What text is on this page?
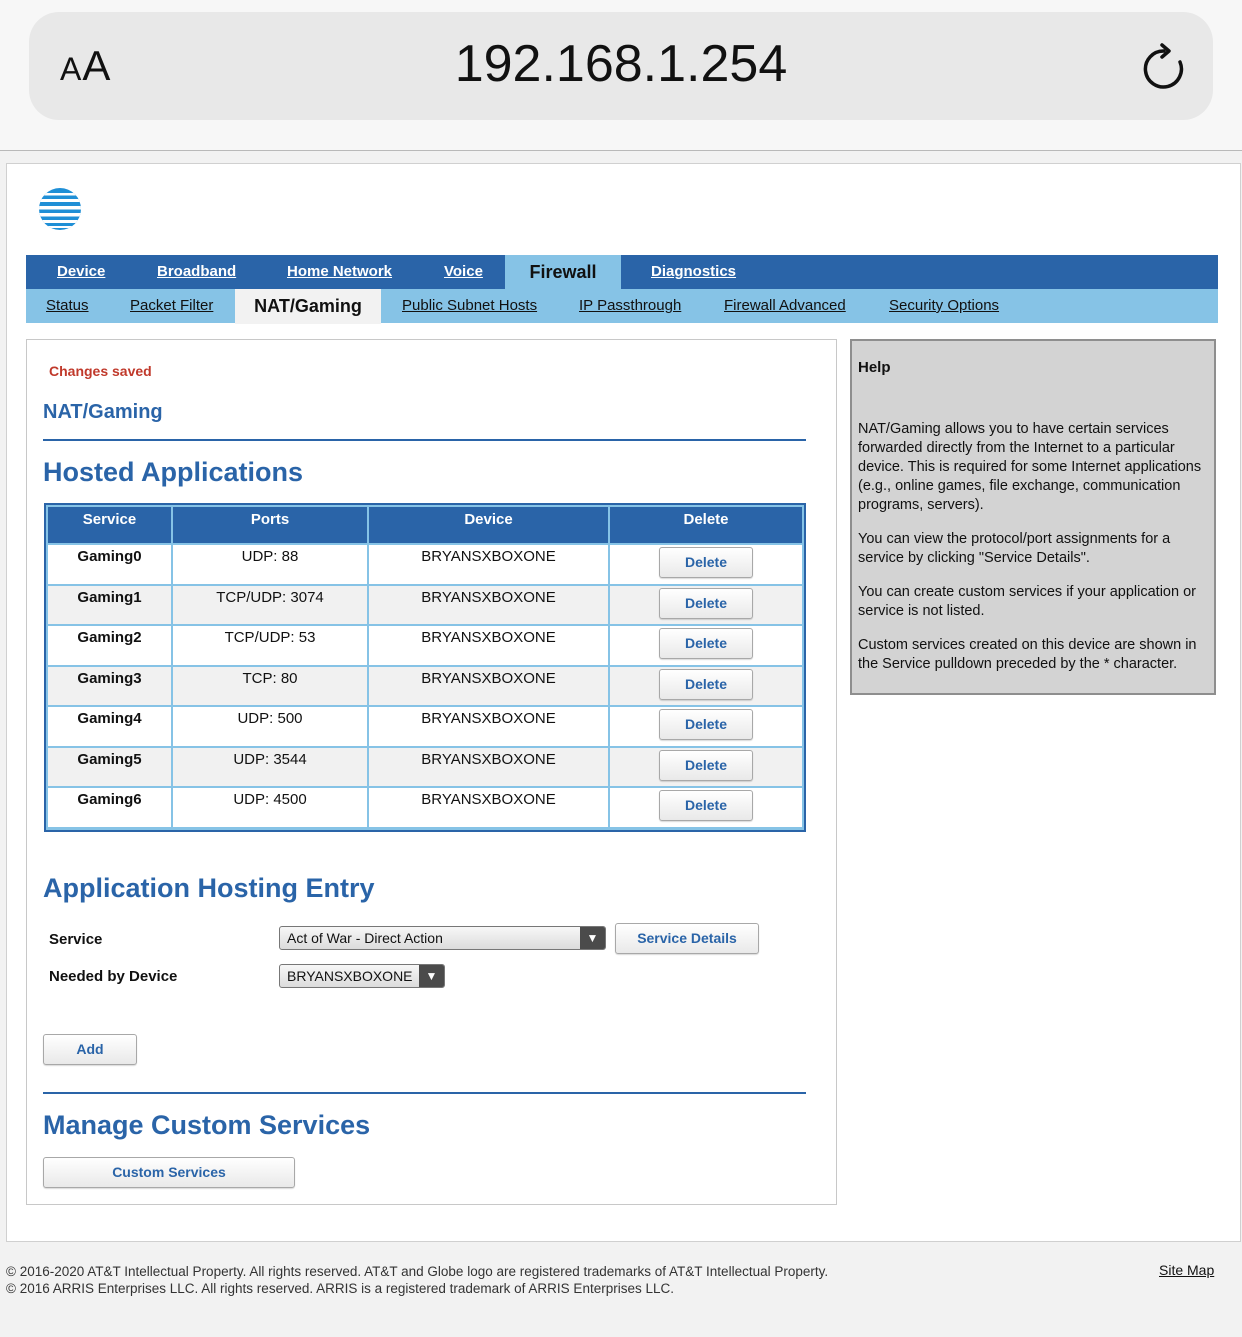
AA	192.168.1.254
Device	Broadband	Home Network	Voice	Firewall	Diagnostics
Status	Packet Filter	NAT/Gaming	Public Subnet Hosts	IP Passthrough	Firewall Advanced	Security Options
Changes saved
NAT/Gaming
Hosted Applications
Service	Ports	Device	Delete
Gaming0	UDP: 88	BRYANSXBOXONE	Delete
Gaming1	TCP/UDP: 3074	BRYANSXBOXONE	Delete
Gaming2	TCP/UDP: 53	BRYANSXBOXONE	Delete
Gaming3	TCP: 80	BRYANSXBOXONE	Delete
Gaming4	UDP: 500	BRYANSXBOXONE	Delete
Gaming5	UDP: 3544	BRYANSXBOXONE	Delete
Gaming6	UDP: 4500	BRYANSXBOXONE	Delete
Application Hosting Entry
Service	Act of War - Direct Action	▼	Service Details
Needed by Device	BRYANSXBOXONE	▼
Add
Manage Custom Services
Custom Services
Help

NAT/Gaming allows you to have certain services forwarded directly from the Internet to a particular device. This is required for some Internet applications (e.g., online games, file exchange, communication programs, servers).

You can view the protocol/port assignments for a service by clicking "Service Details".

You can create custom services if your application or service is not listed.

Custom services created on this device are shown in the Service pulldown preceded by the * character.

© 2016-2020 AT&T Intellectual Property. All rights reserved. AT&T and Globe logo are registered trademarks of AT&T Intellectual Property.
© 2016 ARRIS Enterprises LLC. All rights reserved. ARRIS is a registered trademark of ARRIS Enterprises LLC.
Site Map
